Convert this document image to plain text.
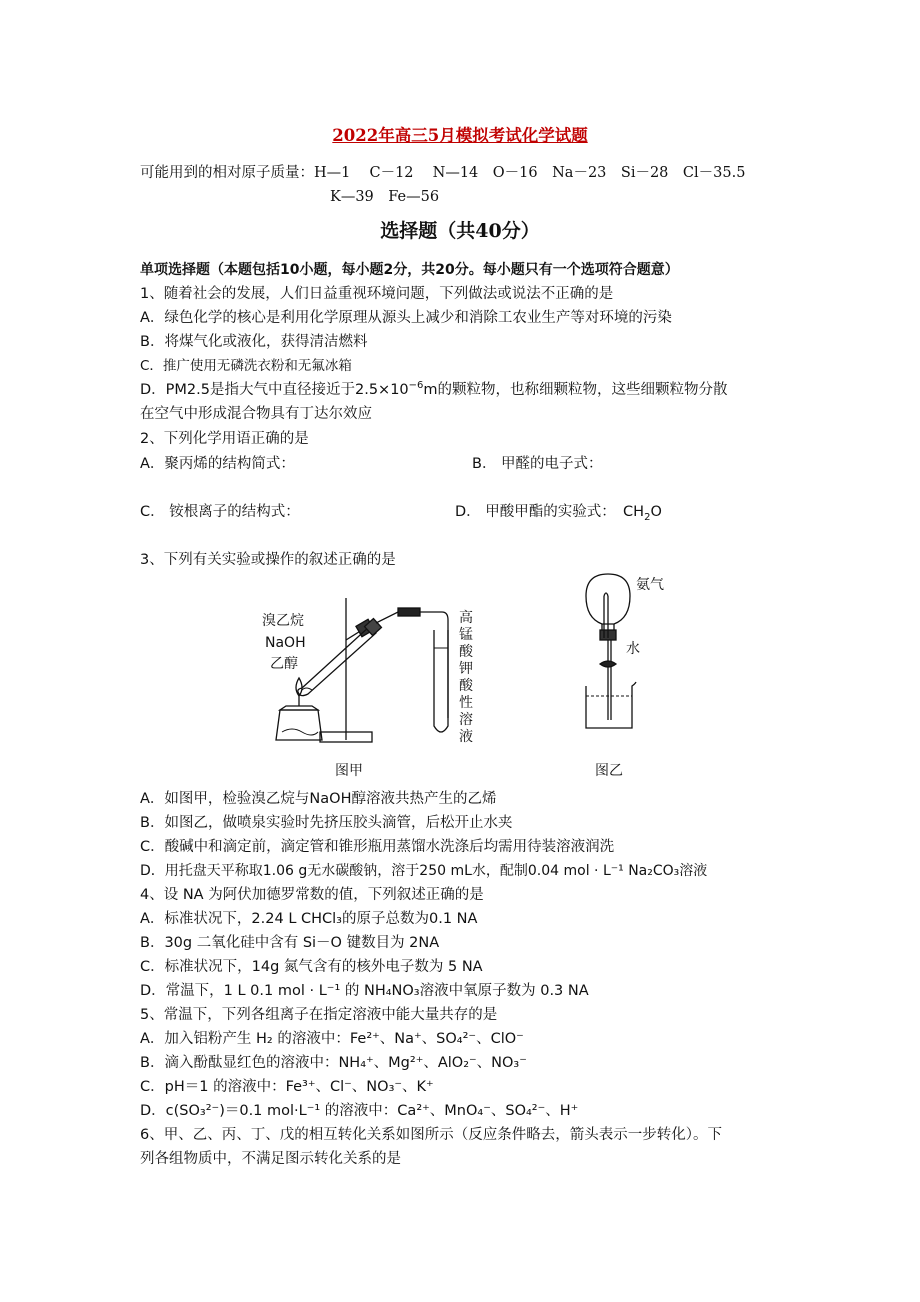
2022年高三5月模拟考试化学试题
可能用到的相对原子质量：H—1　 C－12　 N—14　O－16　Na－23　Si－28　Cl－35.5
K—39　Fe—56
选择题（共40分）
单项选择题（本题包括10小题，每小题2分，共20分。每小题只有一个选项符合题意）
1、随着社会的发展，人们日益重视环境问题，下列做法或说法不正确的是
A．绿色化学的核心是利用化学原理从源头上减少和消除工农业生产等对环境的污染
B．将煤气化或液化，获得清洁燃料
C．推广使用无磷洗衣粉和无氟冰箱
D．PM2.5是指大气中直径接近于$2.5\times 10^{-6}m$的颗粒物，也称细颗粒物，这些细颗粒物分散
在空气中形成混合物具有丁达尔效应
2、下列化学用语正确的是
A．聚丙烯的结构简式：	B． 甲醛的电子式：
C． 铵根离子的结构式：	D． 甲酸甲酯的实验式：　$CH_2O$
3、下列有关实验或操作的叙述正确的是
溴乙烷
NaOH
乙醇
高锰酸钾酸性溶液
图甲
氨气
水
图乙
A．如图甲，检验溴乙烷与NaOH醇溶液共热产生的乙烯
B．如图乙，做喷泉实验时先挤压胶头滴管，后松开止水夹
C．酸碱中和滴定前，滴定管和锥形瓶用蒸馏水洗涤后均需用待装溶液润洗
D．用托盘天平称取1.06 g无水碳酸钠，溶于250 mL水，配制0.04 mol · L⁻¹ Na₂CO₃溶液
4、设 NA 为阿伏加德罗常数的值，下列叙述正确的是
A．标准状况下，2.24 L CHCl₃的原子总数为0.1 NA
B．30g 二氧化硅中含有 Si－O 键数目为 2NA
C．标准状况下，14g 氮气含有的核外电子数为 5 NA
D．常温下，1 L 0.1 mol · L⁻¹ 的 NH₄NO₃溶液中氧原子数为 0.3 NA
5、常温下，下列各组离子在指定溶液中能大量共存的是
A．加入铝粉产生 H₂ 的溶液中：Fe²⁺、Na⁺、SO₄²⁻、ClO⁻
B．滴入酚酞显红色的溶液中：NH₄⁺、Mg²⁺、AlO₂⁻、NO₃⁻
C．pH＝1 的溶液中：Fe³⁺、Cl⁻、NO₃⁻、K⁺
D．c(SO₃²⁻)＝0.1 mol·L⁻¹ 的溶液中：Ca²⁺、MnO₄⁻、SO₄²⁻、H⁺
6、甲、乙、丙、丁、戊的相互转化关系如图所示（反应条件略去，箭头表示一步转化）。下
列各组物质中，不满足图示转化关系的是
